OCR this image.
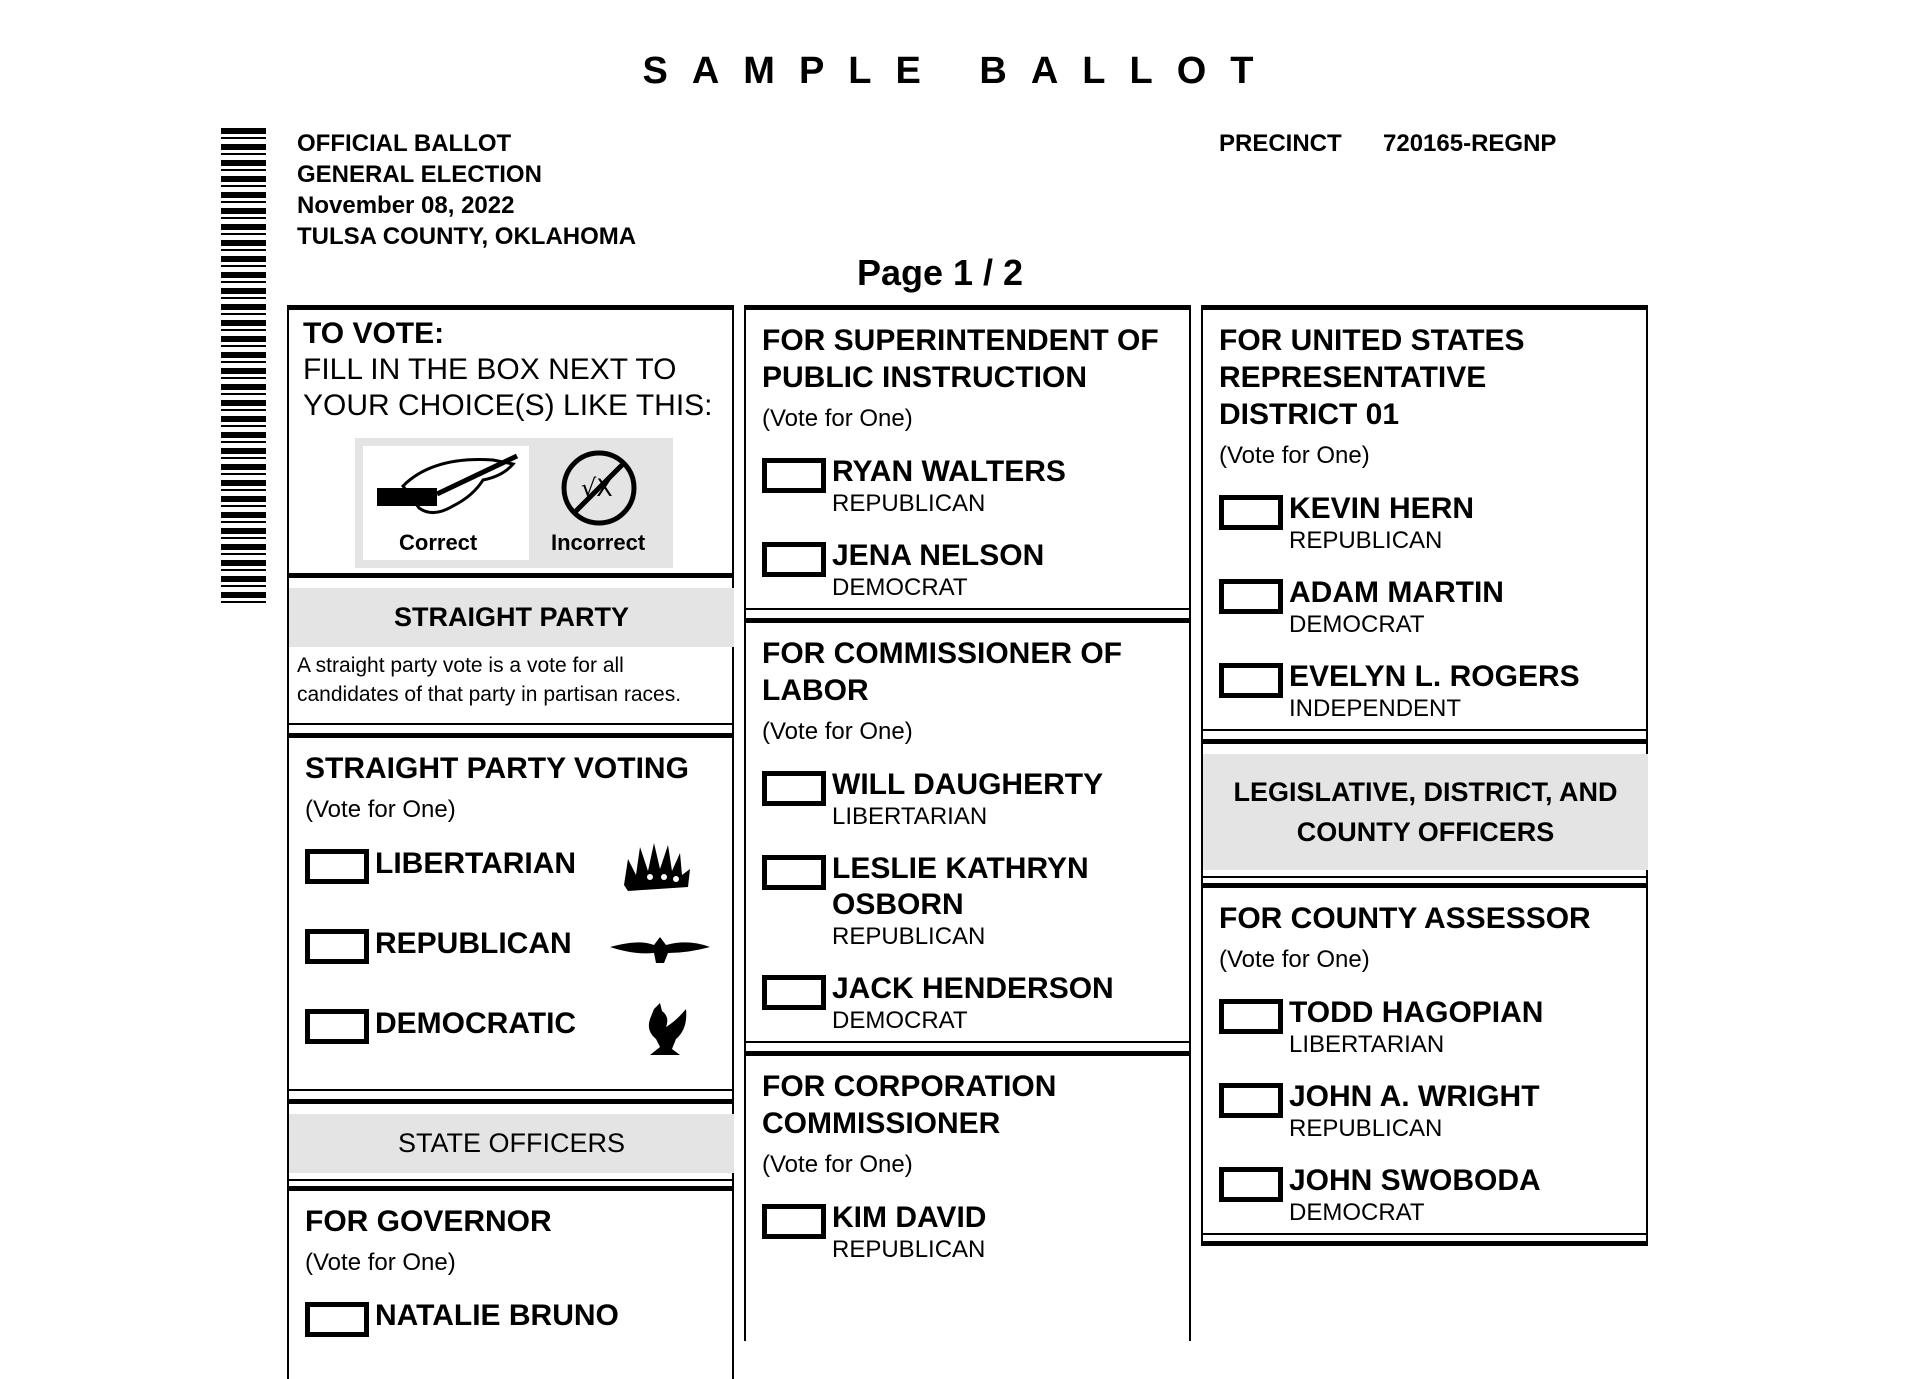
SAMPLE BALLOT
OFFICIAL BALLOT
GENERAL ELECTION
November 08, 2022
TULSA COUNTY, OKLAHOMA
PRECINCT 720165-REGNP
Page 1 / 2
TO VOTE:
FILL IN THE BOX NEXT TO YOUR CHOICE(S) LIKE THIS:
Correct
√X
Incorrect
STRAIGHT PARTY
A straight party vote is a vote for all candidates of that party in partisan races.
STRAIGHT PARTY VOTING
(Vote for One)
LIBERTARIAN
REPUBLICAN
DEMOCRATIC
STATE OFFICERS
FOR GOVERNOR
(Vote for One)
NATALIE BRUNO
FOR SUPERINTENDENT OF PUBLIC INSTRUCTION
(Vote for One)
RYAN WALTERS
REPUBLICAN
JENA NELSON
DEMOCRAT
FOR COMMISSIONER OF LABOR
(Vote for One)
WILL DAUGHERTY
LIBERTARIAN
LESLIE KATHRYN OSBORN
REPUBLICAN
JACK HENDERSON
DEMOCRAT
FOR CORPORATION COMMISSIONER
(Vote for One)
KIM DAVID
REPUBLICAN
FOR UNITED STATES REPRESENTATIVE DISTRICT 01
(Vote for One)
KEVIN HERN
REPUBLICAN
ADAM MARTIN
DEMOCRAT
EVELYN L. ROGERS
INDEPENDENT
LEGISLATIVE, DISTRICT, AND COUNTY OFFICERS
FOR COUNTY ASSESSOR
(Vote for One)
TODD HAGOPIAN
LIBERTARIAN
JOHN A. WRIGHT
REPUBLICAN
JOHN SWOBODA
DEMOCRAT
